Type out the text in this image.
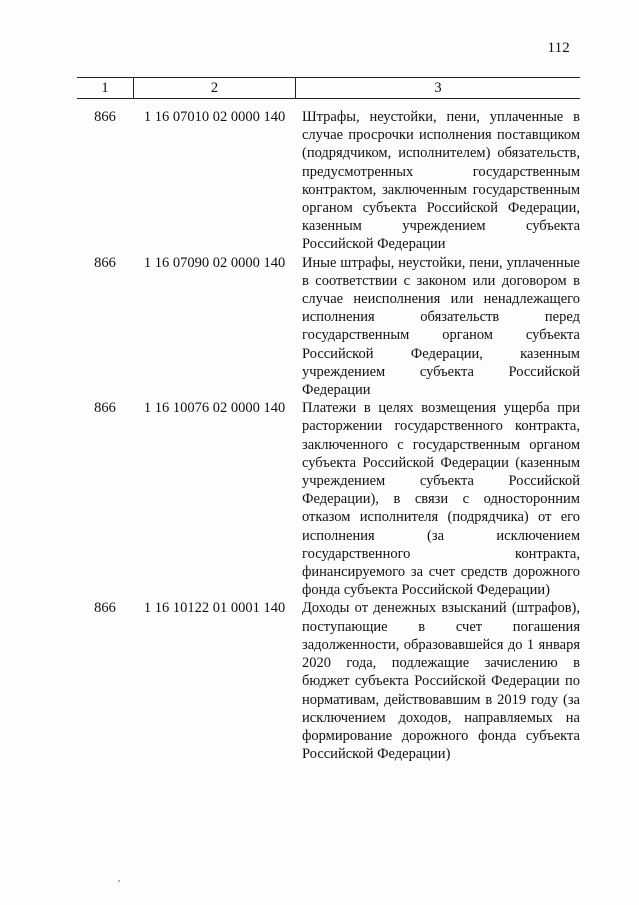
112
1	2	3
866	1 16 07010 02 0000 140	Штрафы, неустойки, пени, уплаченные в случае просрочки исполнения поставщиком (подрядчиком, исполнителем) обязательств, предусмотренных государственным контрактом, заключенным государственным органом субъекта Российской Федерации, казенным учреждением субъекта Российской Федерации
866	1 16 07090 02 0000 140	Иные штрафы, неустойки, пени, уплаченные в соответствии с законом или договором в случае неисполнения или ненадлежащего исполнения обязательств перед государственным органом субъекта Российской Федерации, казенным учреждением субъекта Российской Федерации
866	1 16 10076 02 0000 140	Платежи в целях возмещения ущерба при расторжении государственного контракта, заключенного с государственным органом субъекта Российской Федерации (казенным учреждением субъекта Российской Федерации), в связи с односторонним отказом исполнителя (подрядчика) от его исполнения (за исключением государственного контракта, финансируемого за счет средств дорожного фонда субъекта Российской Федерации)
866	1 16 10122 01 0001 140	Доходы от денежных взысканий (штрафов), поступающие в счет погашения задолженности, образовавшейся до 1 января 2020 года, подлежащие зачислению в бюджет субъекта Российской Федерации по нормативам, действовавшим в 2019 году (за исключением доходов, направляемых на формирование дорожного фонда субъекта Российской Федерации)
